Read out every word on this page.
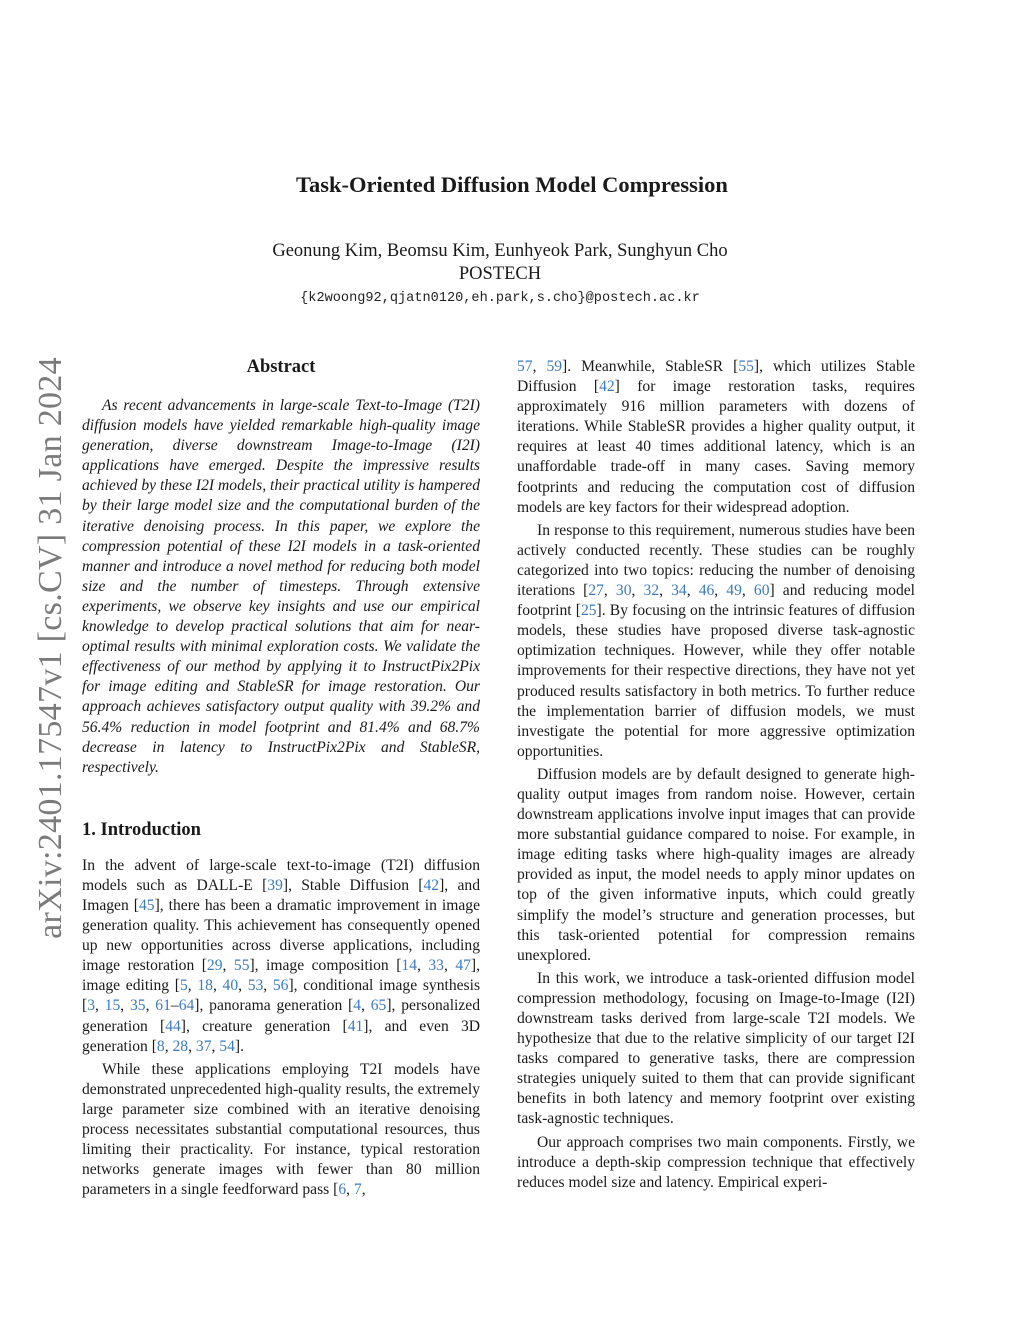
arXiv:2401.17547v1 [cs.CV] 31 Jan 2024
Task-Oriented Diffusion Model Compression
Geonung Kim, Beomsu Kim, Eunhyeok Park, Sunghyun Cho
POSTECH
{k2woong92,qjatn0120,eh.park,s.cho}@postech.ac.kr
Abstract

As recent advancements in large-scale Text-to-Image (T2I) diffusion models have yielded remarkable high-quality image generation, diverse downstream Image-to-Image (I2I) applications have emerged. Despite the impressive results achieved by these I2I models, their practical utility is hampered by their large model size and the computational burden of the iterative denoising process. In this paper, we explore the compression potential of these I2I models in a task-oriented manner and introduce a novel method for reducing both model size and the number of timesteps. Through extensive experiments, we observe key insights and use our empirical knowledge to develop practical solutions that aim for near-optimal results with minimal exploration costs. We validate the effectiveness of our method by applying it to InstructPix2Pix for image editing and StableSR for image restoration. Our approach achieves satisfactory output quality with 39.2% and 56.4% reduction in model footprint and 81.4% and 68.7% decrease in latency to InstructPix2Pix and StableSR, respectively.

1. Introduction

In the advent of large-scale text-to-image (T2I) diffusion models such as DALL-E [39], Stable Diffusion [42], and Imagen [45], there has been a dramatic improvement in image generation quality. This achievement has consequently opened up new opportunities across diverse applications, including image restoration [29, 55], image composition [14, 33, 47], image editing [5, 18, 40, 53, 56], conditional image synthesis [3, 15, 35, 61–64], panorama generation [4, 65], personalized generation [44], creature generation [41], and even 3D generation [8, 28, 37, 54].

While these applications employing T2I models have demonstrated unprecedented high-quality results, the extremely large parameter size combined with an iterative denoising process necessitates substantial computational resources, thus limiting their practicality. For instance, typical restoration networks generate images with fewer than 80 million parameters in a single feedforward pass [6, 7,

57, 59]. Meanwhile, StableSR [55], which utilizes Stable Diffusion [42] for image restoration tasks, requires approximately 916 million parameters with dozens of iterations. While StableSR provides a higher quality output, it requires at least 40 times additional latency, which is an unaffordable trade-off in many cases. Saving memory footprints and reducing the computation cost of diffusion models are key factors for their widespread adoption.

In response to this requirement, numerous studies have been actively conducted recently. These studies can be roughly categorized into two topics: reducing the number of denoising iterations [27, 30, 32, 34, 46, 49, 60] and reducing model footprint [25]. By focusing on the intrinsic features of diffusion models, these studies have proposed diverse task-agnostic optimization techniques. However, while they offer notable improvements for their respective directions, they have not yet produced results satisfactory in both metrics. To further reduce the implementation barrier of diffusion models, we must investigate the potential for more aggressive optimization opportunities.

Diffusion models are by default designed to generate high-quality output images from random noise. However, certain downstream applications involve input images that can provide more substantial guidance compared to noise. For example, in image editing tasks where high-quality images are already provided as input, the model needs to apply minor updates on top of the given informative inputs, which could greatly simplify the model’s structure and generation processes, but this task-oriented potential for compression remains unexplored.

In this work, we introduce a task-oriented diffusion model compression methodology, focusing on Image-to-Image (I2I) downstream tasks derived from large-scale T2I models. We hypothesize that due to the relative simplicity of our target I2I tasks compared to generative tasks, there are compression strategies uniquely suited to them that can provide significant benefits in both latency and memory footprint over existing task-agnostic techniques.

Our approach comprises two main components. Firstly, we introduce a depth-skip compression technique that effectively reduces model size and latency. Empirical experi-
